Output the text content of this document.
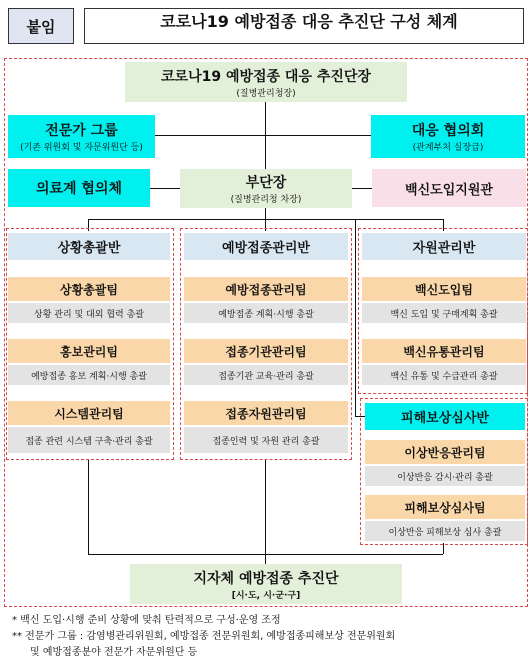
붙임	코로나19 예방접종 대응 추진단 구성 체계
코로나19 예방접종 대응 추진단장
(질병관리청장)
전문가 그룹
(기존 위원회 및 자문위원단 등)
대응 협의회
(관계부처 실장급)
의료계 협의체	부단장
(질병관리청 차장)
백신도입지원관
상황총괄반	예방접종관리반	자원관리반
상황총괄팀
상황 관리 및 대외 협력 총괄
홍보관리팀
예방접종 홍보 계획·시행 총괄
시스템관리팀
접종 관련 시스템 구축·관리 총괄
예방접종관리팀
예방접종 계획·시행 총괄
접종기관관리팀
접종기관 교육·관리 총괄
접종자원관리팀
접종인력 및 자원 관리 총괄
백신도입팀
백신 도입 및 구매계획 총괄
백신유통관리팀
백신 유통 및 수급관리 총괄
피해보상심사반
이상반응관리팀
이상반응 감시·관리 총괄
피해보상심사팀
이상반응 피해보상 심사 총괄
지자체 예방접종 추진단
[시·도, 시·군·구]
* 백신 도입·시행 준비 상황에 맞춰 탄력적으로 구성·운영 조정
** 전문가 그룹 : 감염병관리위원회, 예방접종 전문위원회, 예방접종피해보상 전문위원회
및 예방접종분야 전문가 자문위원단 등
